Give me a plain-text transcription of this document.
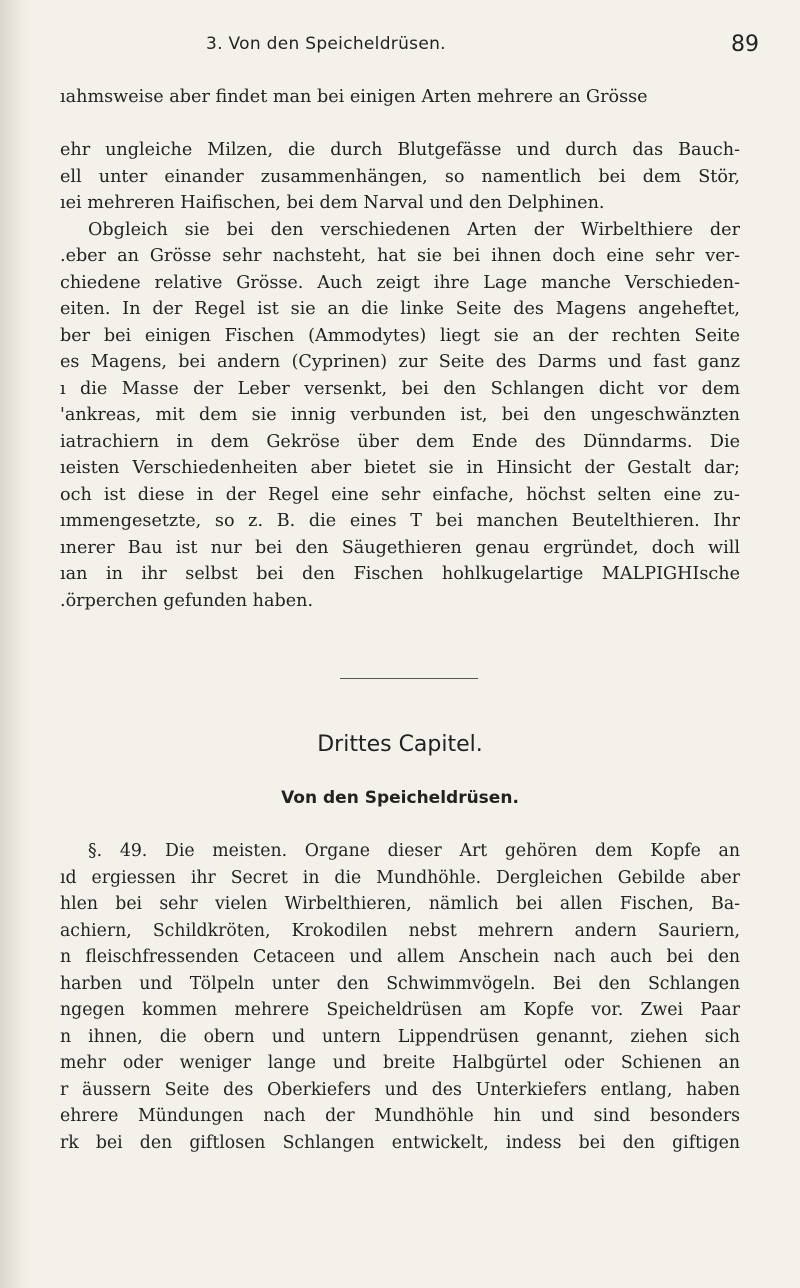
3. Von den Speicheldrüsen.	89

ıahmsweise aber findet man bei einigen Arten mehrere an Grösse

ehr ungleiche Milzen, die durch Blutgefässe und durch das Bauch-
ell unter einander zusammenhängen, so namentlich bei dem Stör,
ıei mehreren Haifischen, bei dem Narval und den Delphinen.
Obgleich sie bei den verschiedenen Arten der Wirbelthiere der
.eber an Grösse sehr nachsteht, hat sie bei ihnen doch eine sehr ver-
chiedene relative Grösse. Auch zeigt ihre Lage manche Verschieden-
eiten. In der Regel ist sie an die linke Seite des Magens angeheftet,
ber bei einigen Fischen (Ammodytes) liegt sie an der rechten Seite
es Magens, bei andern (Cyprinen) zur Seite des Darms und fast ganz
ı die Masse der Leber versenkt, bei den Schlangen dicht vor dem
'ankreas, mit dem sie innig verbunden ist, bei den ungeschwänzten
iatrachiern in dem Gekröse über dem Ende des Dünndarms. Die
ıeisten Verschiedenheiten aber bietet sie in Hinsicht der Gestalt dar;
och ist diese in der Regel eine sehr einfache, höchst selten eine zu-
ımmengesetzte, so z. B. die eines T bei manchen Beutelthieren. Ihr
ınerer Bau ist nur bei den Säugethieren genau ergründet, doch will
ıan in ihr selbst bei den Fischen hohlkugelartige MALPIGHIsche
.örperchen gefunden haben.

Drittes Capitel.
Von den Speicheldrüsen.

§. 49. Die meisten. Organe dieser Art gehören dem Kopfe an
ıd ergiessen ihr Secret in die Mundhöhle. Dergleichen Gebilde aber
hlen bei sehr vielen Wirbelthieren, nämlich bei allen Fischen, Ba-
achiern, Schildkröten, Krokodilen nebst mehrern andern Sauriern,
n fleischfressenden Cetaceen und allem Anschein nach auch bei den
harben und Tölpeln unter den Schwimmvögeln. Bei den Schlangen
ngegen kommen mehrere Speicheldrüsen am Kopfe vor. Zwei Paar
n ihnen, die obern und untern Lippendrüsen genannt, ziehen sich
mehr oder weniger lange und breite Halbgürtel oder Schienen an
r äussern Seite des Oberkiefers und des Unterkiefers entlang, haben
ehrere Mündungen nach der Mundhöhle hin und sind besonders
rk bei den giftlosen Schlangen entwickelt, indess bei den giftigen
